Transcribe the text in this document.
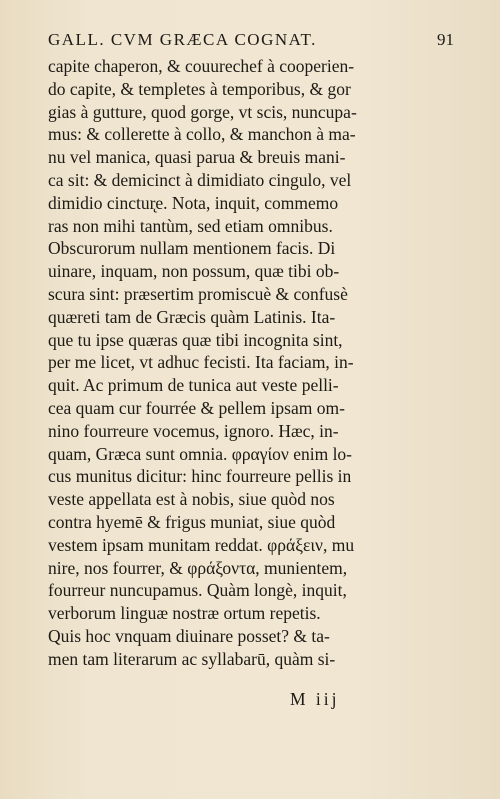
GALL. CVM GRÆCA COGNAT.	91
capite chaperon, & couurechef à cooperien-
do capite, & templetes à temporibus, & gor
gias à gutture, quod gorge, vt scis, nuncupa-
mus: & collerette à collo, & manchon à ma-
nu vel manica, quasi parua & breuis mani-
ca sit: & demicinct à dimidiato cingulo, vel
dimidio cinctur̨e. Nota, inquit, commemo
ras non mihi tantùm, sed etiam omnibus.
Obscurorum nullam mentionem facis. Di
uinare, inquam, non possum, quæ tibi ob-
scura sint: præsertim promiscuè & confusè
quæreti tam de Græcis quàm Latinis. Ita-
que tu ipse quæras quæ tibi incognita sint,
per me licet, vt adhuc fecisti. Ita faciam, in-
quit. Ac primum de tunica aut veste pelli-
cea quam cur fourrée & pellem ipsam om-
nino fourreure vocemus, ignoro. Hæc, in-
quam, Græca sunt omnia. φραγίον enim lo-
cus munitus dicitur: hinc fourreure pellis in
veste appellata est à nobis, siue quòd nos
contra hyemē & frigus muniat, siue quòd
vestem ipsam munitam reddat. φράξειν, mu
nire, nos fourrer, & φράξοντα, munientem,
fourreur nuncupamus. Quàm longè, inquit,
verborum linguæ nostræ ortum repetis.
Quis hoc vnquam diuinare posset? & ta-
men tam literarum ac syllabarū, quàm si-
M iij
